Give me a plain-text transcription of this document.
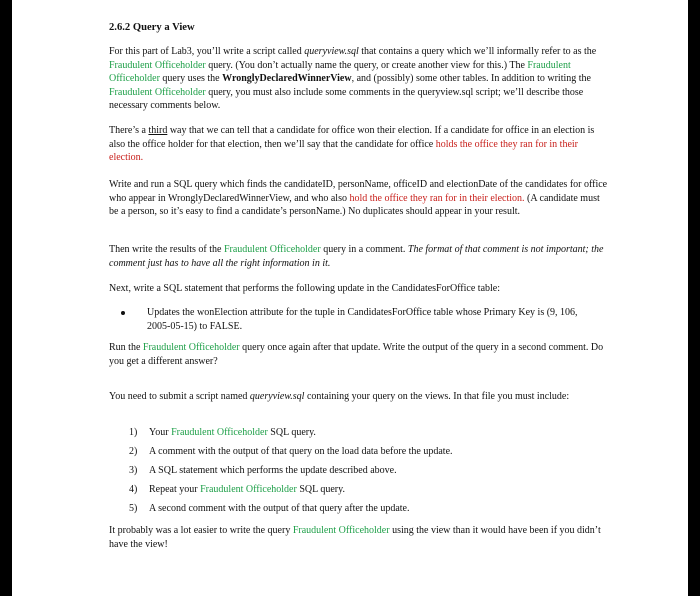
2.6.2 Query a View

For this part of Lab3, you’ll write a script called queryview.sql that contains a query which we’ll informally refer to as the Fraudulent Officeholder query. (You don’t actually name the query, or create another view for this.) The Fraudulent Officeholder query uses the WronglyDeclaredWinnerView, and (possibly) some other tables. In addition to writing the Fraudulent Officeholder query, you must also include some comments in the queryview.sql script; we’ll describe those necessary comments below.

There’s a third way that we can tell that a candidate for office won their election. If a candidate for office in an election is also the office holder for that election, then we’ll say that the candidate for office holds the office they ran for in their election.

Write and run a SQL query which finds the candidateID, personName, officeID and electionDate of the candidates for office who appear in WronglyDeclaredWinnerView, and who also hold the office they ran for in their election. (A candidate must be a person, so it’s easy to find a candidate’s personName.) No duplicates should appear in your result.

Then write the results of the Fraudulent Officeholder query in a comment. The format of that comment is not important; the comment just has to have all the right information in it.

Next, write a SQL statement that performs the following update in the CandidatesForOffice table:

Updates the wonElection attribute for the tuple in CandidatesForOffice table whose Primary Key is (9, 106, 2005-05-15) to FALSE.

Run the Fraudulent Officeholder query once again after that update. Write the output of the query in a second comment. Do you get a different answer?

You need to submit a script named queryview.sql containing your query on the views. In that file you must include:

1) Your Fraudulent Officeholder SQL query.
2) A comment with the output of that query on the load data before the update.
3) A SQL statement which performs the update described above.
4) Repeat your Fraudulent Officeholder SQL query.
5) A second comment with the output of that query after the update.

It probably was a lot easier to write the query Fraudulent Officeholder using the view than it would have been if you didn’t have the view!
